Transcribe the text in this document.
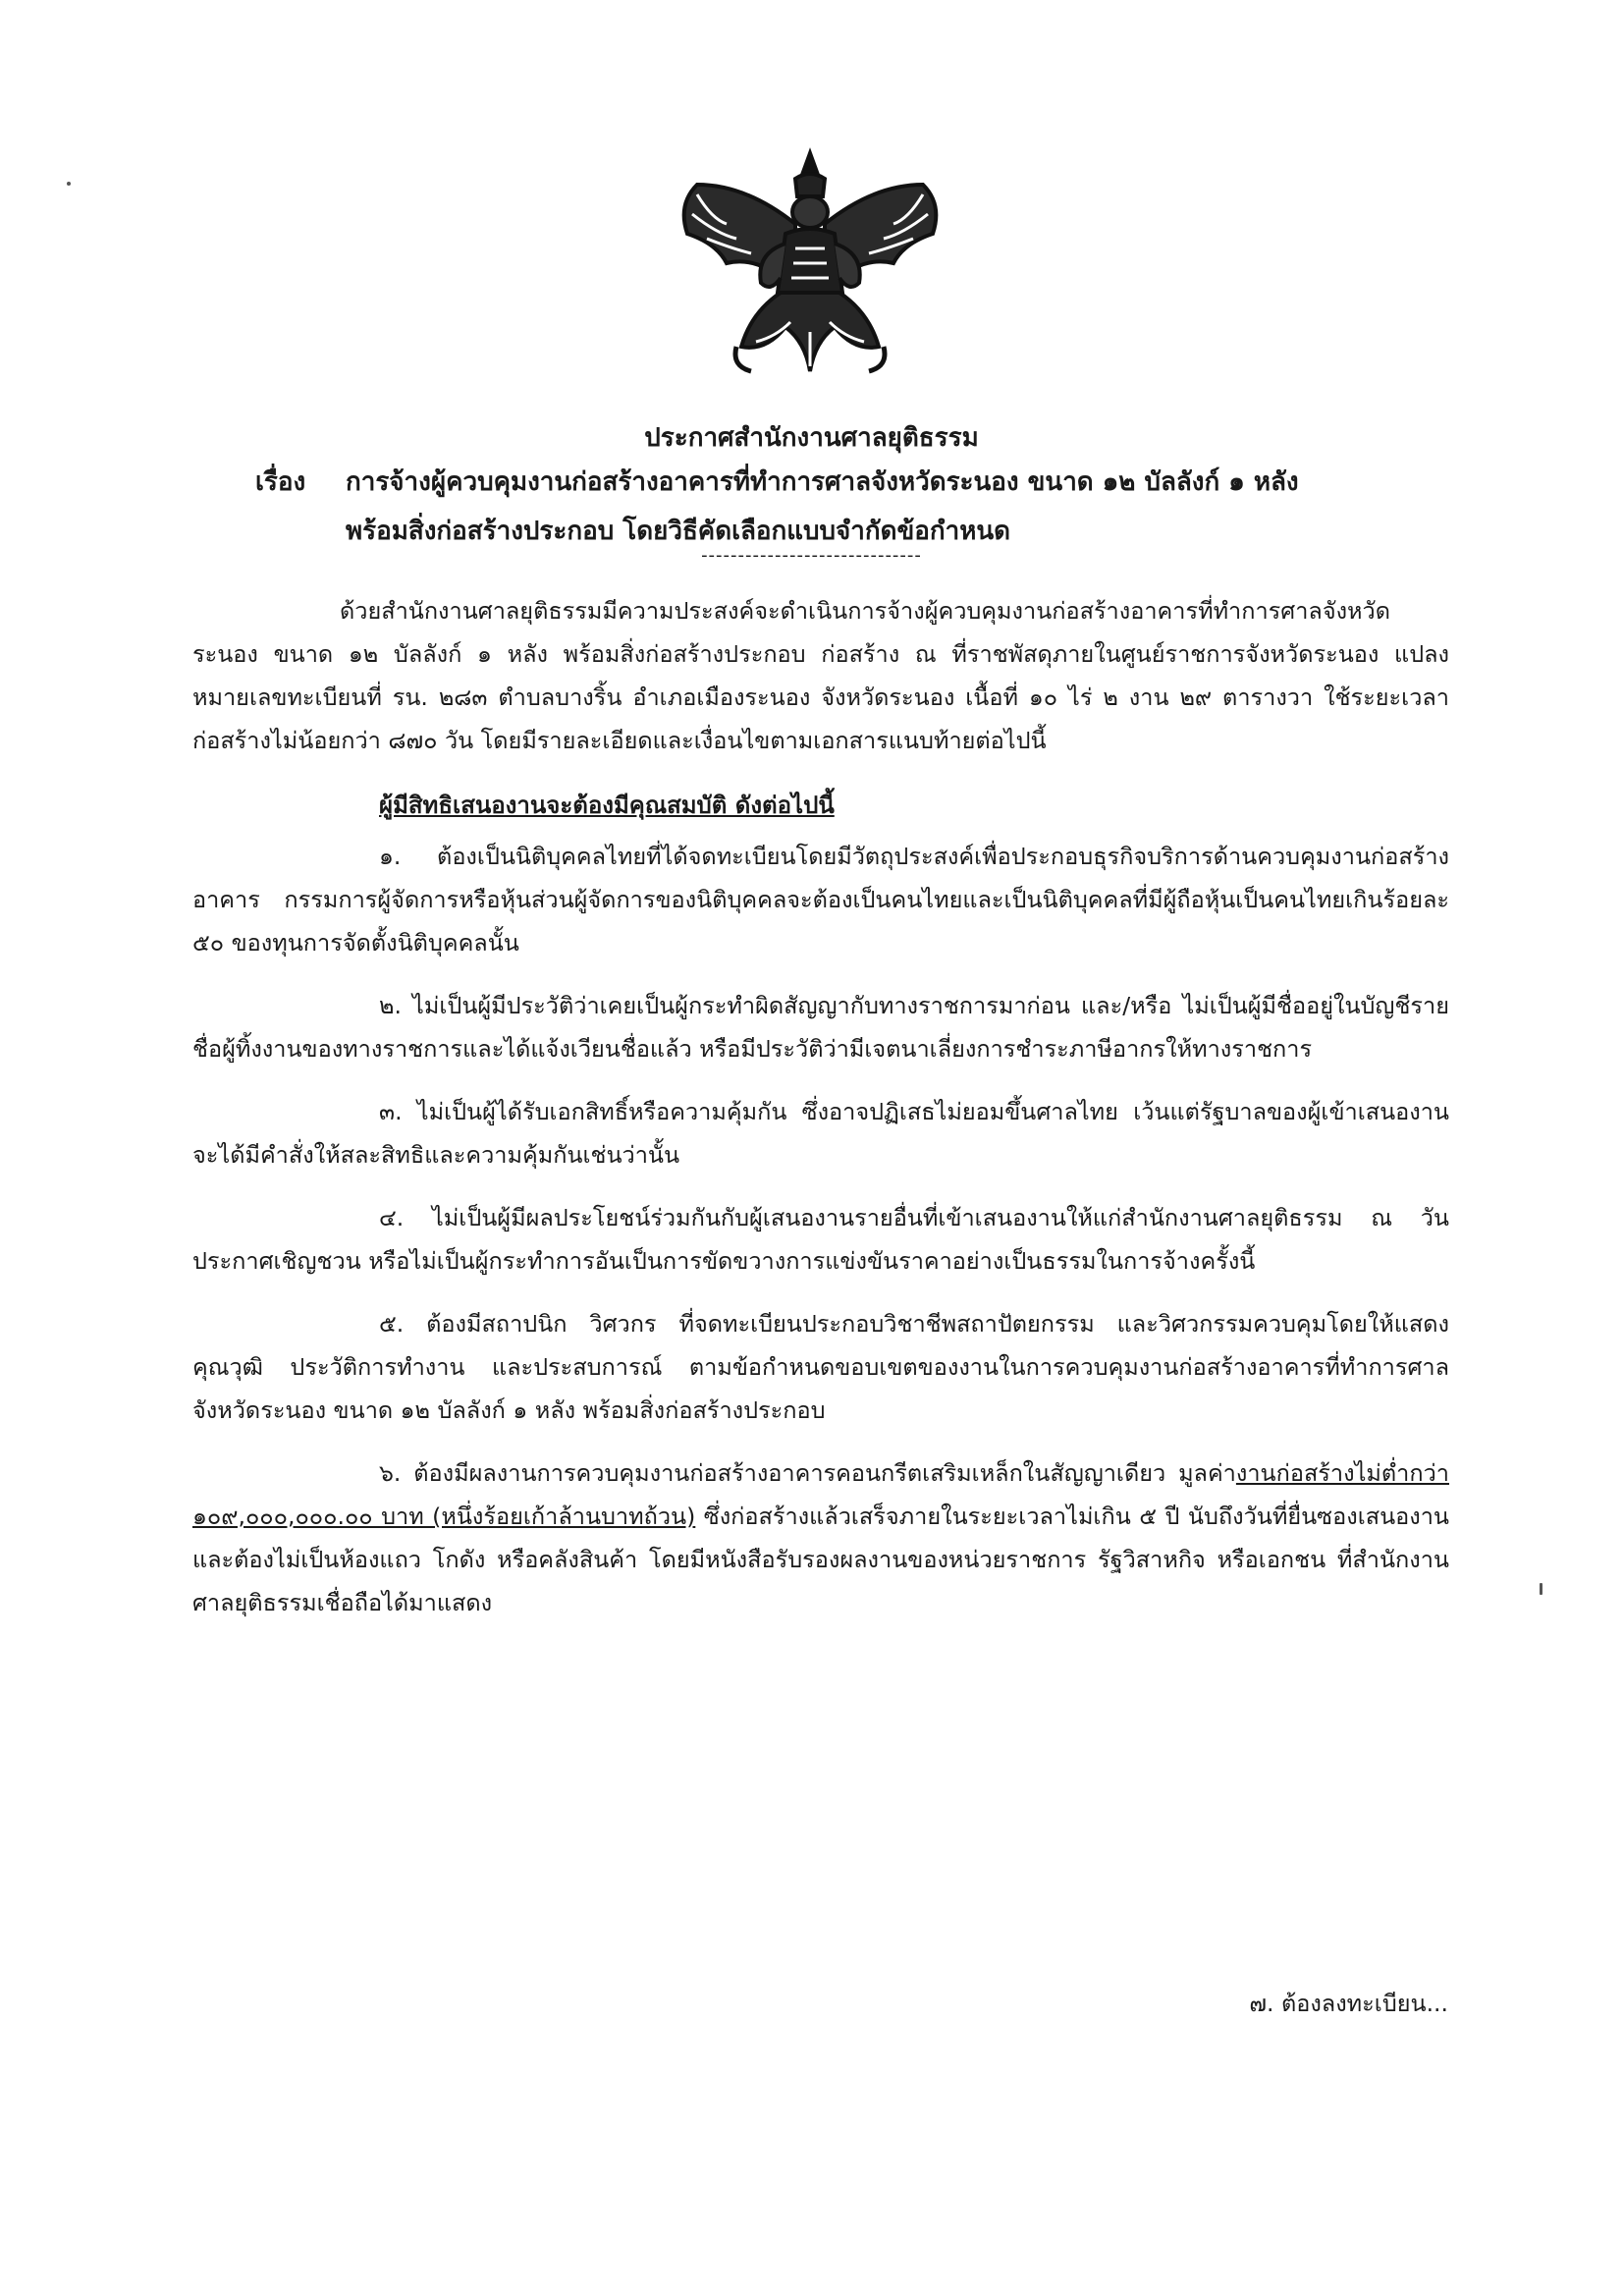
ประกาศสำนักงานศาลยุติธรรม
เรื่อง การจ้างผู้ควบคุมงานก่อสร้างอาคารที่ทำการศาลจังหวัดระนอง ขนาด ๑๒ บัลลังก์ ๑ หลัง
พร้อมสิ่งก่อสร้างประกอบ โดยวิธีคัดเลือกแบบจำกัดข้อกำหนด
------------------------------

ด้วยสำนักงานศาลยุติธรรมมีความประสงค์จะดำเนินการจ้างผู้ควบคุมงานก่อสร้างอาคารที่ทำการศาลจังหวัดระนอง ขนาด ๑๒ บัลลังก์ ๑ หลัง พร้อมสิ่งก่อสร้างประกอบ ก่อสร้าง ณ ที่ราชพัสดุภายในศูนย์ราชการจังหวัดระนอง แปลงหมายเลขทะเบียนที่ รน. ๒๘๓ ตำบลบางริ้น อำเภอเมืองระนอง จังหวัดระนอง เนื้อที่ ๑๐ ไร่ ๒ งาน ๒๙ ตารางวา ใช้ระยะเวลาก่อสร้างไม่น้อยกว่า ๘๗๐ วัน โดยมีรายละเอียดและเงื่อนไขตามเอกสารแนบท้ายต่อไปนี้

ผู้มีสิทธิเสนองานจะต้องมีคุณสมบัติ ดังต่อไปนี้

๑. ต้องเป็นนิติบุคคลไทยที่ได้จดทะเบียนโดยมีวัตถุประสงค์เพื่อประกอบธุรกิจบริการด้านควบคุมงานก่อสร้างอาคาร กรรมการผู้จัดการหรือหุ้นส่วนผู้จัดการของนิติบุคคลจะต้องเป็นคนไทยและเป็นนิติบุคคลที่มีผู้ถือหุ้นเป็นคนไทยเกินร้อยละ ๕๐ ของทุนการจัดตั้งนิติบุคคลนั้น

๒. ไม่เป็นผู้มีประวัติว่าเคยเป็นผู้กระทำผิดสัญญากับทางราชการมาก่อน และ/หรือ ไม่เป็นผู้มีชื่ออยู่ในบัญชีรายชื่อผู้ทิ้งงานของทางราชการและได้แจ้งเวียนชื่อแล้ว หรือมีประวัติว่ามีเจตนาเลี่ยงการชำระภาษีอากรให้ทางราชการ

๓. ไม่เป็นผู้ได้รับเอกสิทธิ์หรือความคุ้มกัน ซึ่งอาจปฏิเสธไม่ยอมขึ้นศาลไทย เว้นแต่รัฐบาลของผู้เข้าเสนองานจะได้มีคำสั่งให้สละสิทธิและความคุ้มกันเช่นว่านั้น

๔. ไม่เป็นผู้มีผลประโยชน์ร่วมกันกับผู้เสนองานรายอื่นที่เข้าเสนองานให้แก่สำนักงานศาลยุติธรรม ณ วันประกาศเชิญชวน หรือไม่เป็นผู้กระทำการอันเป็นการขัดขวางการแข่งขันราคาอย่างเป็นธรรมในการจ้างครั้งนี้

๕. ต้องมีสถาปนิก วิศวกร ที่จดทะเบียนประกอบวิชาชีพสถาปัตยกรรม และวิศวกรรมควบคุมโดยให้แสดงคุณวุฒิ ประวัติการทำงาน และประสบการณ์ ตามข้อกำหนดขอบเขตของงานในการควบคุมงานก่อสร้างอาคารที่ทำการศาลจังหวัดระนอง ขนาด ๑๒ บัลลังก์ ๑ หลัง พร้อมสิ่งก่อสร้างประกอบ

๖. ต้องมีผลงานการควบคุมงานก่อสร้างอาคารคอนกรีตเสริมเหล็กในสัญญาเดียว มูลค่างานก่อสร้างไม่ต่ำกว่า ๑๐๙,๐๐๐,๐๐๐.๐๐ บาท (หนึ่งร้อยเก้าล้านบาทถ้วน) ซึ่งก่อสร้างแล้วเสร็จภายในระยะเวลาไม่เกิน ๕ ปี นับถึงวันที่ยื่นซองเสนองาน และต้องไม่เป็นห้องแถว โกดัง หรือคลังสินค้า โดยมีหนังสือรับรองผลงานของหน่วยราชการ รัฐวิสาหกิจ หรือเอกชน ที่สำนักงานศาลยุติธรรมเชื่อถือได้มาแสดง

๗. ต้องลงทะเบียน...
